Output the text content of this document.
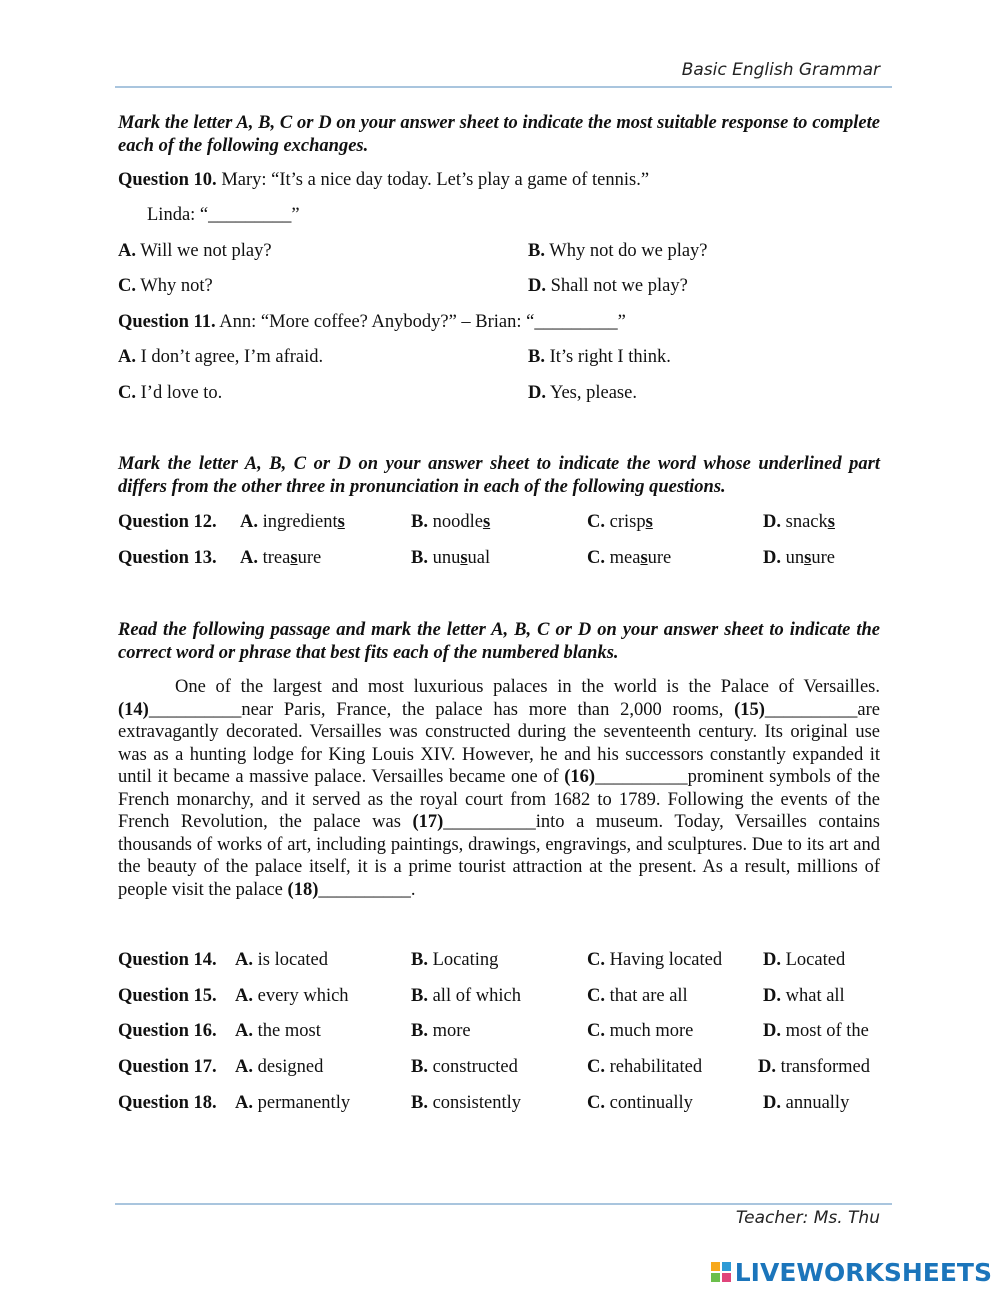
Basic English Grammar
Mark the letter A, B, C or D on your answer sheet to indicate the most suitable response to complete each of the following exchanges.
Question 10. Mary: “It’s a nice day today. Let’s play a game of tennis.”
Linda: “_________”
A. Will we not play?	B. Why not do we play?
C. Why not?	D. Shall not we play?
Question 11. Ann: “More coffee? Anybody?” – Brian: “_________”
A. I don’t agree, I’m afraid.	B. It’s right I think.
C. I’d love to.	D. Yes, please.
Mark the letter A, B, C or D on your answer sheet to indicate the word whose underlined part differs from the other three in pronunciation in each of the following questions.
Question 12. A. ingredients	B. noodles	C. crisps	D. snacks
Question 13. A. treasure	B. unusual	C. measure	D. unsure
Read the following passage and mark the letter A, B, C or D on your answer sheet to indicate the correct word or phrase that best fits each of the numbered blanks.
One of the largest and most luxurious palaces in the world is the Palace of Versailles. (14)__________near Paris, France, the palace has more than 2,000 rooms, (15)__________are extravagantly decorated. Versailles was constructed during the seventeenth century. Its original use was as a hunting lodge for King Louis XIV. However, he and his successors constantly expanded it until it became a massive palace. Versailles became one of (16)__________prominent symbols of the French monarchy, and it served as the royal court from 1682 to 1789. Following the events of the French Revolution, the palace was (17)__________into a museum. Today, Versailles contains thousands of works of art, including paintings, drawings, engravings, and sculptures. Due to its art and the beauty of the palace itself, it is a prime tourist attraction at the present. As a result, millions of people visit the palace (18)__________.
Question 14. A. is located	B. Locating	C. Having located D. Located
Question 15. A. every which	B. all of which	C. that are all	D. what all
Question 16. A. the most	B. more	C. much more	D. most of the
Question 17. A. designed	B. constructed	C. rehabilitated	D. transformed
Question 18. A. permanently	B. consistently	C. continually	D. annually
Teacher: Ms. Thu
LIVEWORKSHEETS
